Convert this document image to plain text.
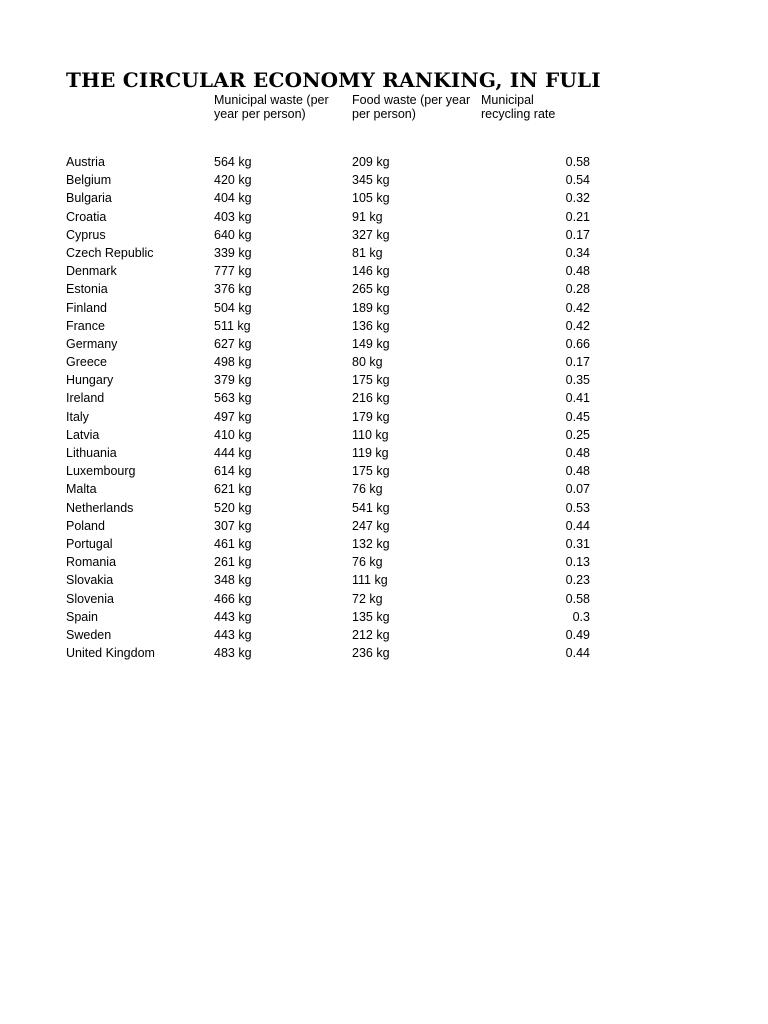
THE CIRCULAR ECONOMY RANKING, IN FULI
Municipal waste (per year per person)
Food waste (per year per person)
Municipal recycling rate
Austria	564 kg	209 kg	0.58
Belgium	420 kg	345 kg	0.54
Bulgaria	404 kg	105 kg	0.32
Croatia	403 kg	91 kg	0.21
Cyprus	640 kg	327 kg	0.17
Czech Republic	339 kg	81 kg	0.34
Denmark	777 kg	146 kg	0.48
Estonia	376 kg	265 kg	0.28
Finland	504 kg	189 kg	0.42
France	511 kg	136 kg	0.42
Germany	627 kg	149 kg	0.66
Greece	498 kg	80 kg	0.17
Hungary	379 kg	175 kg	0.35
Ireland	563 kg	216 kg	0.41
Italy	497 kg	179 kg	0.45
Latvia	410 kg	110 kg	0.25
Lithuania	444 kg	119 kg	0.48
Luxembourg	614 kg	175 kg	0.48
Malta	621 kg	76 kg	0.07
Netherlands	520 kg	541 kg	0.53
Poland	307 kg	247 kg	0.44
Portugal	461 kg	132 kg	0.31
Romania	261 kg	76 kg	0.13
Slovakia	348 kg	111 kg	0.23
Slovenia	466 kg	72 kg	0.58
Spain	443 kg	135 kg	0.3
Sweden	443 kg	212 kg	0.49
United Kingdom	483 kg	236 kg	0.44
